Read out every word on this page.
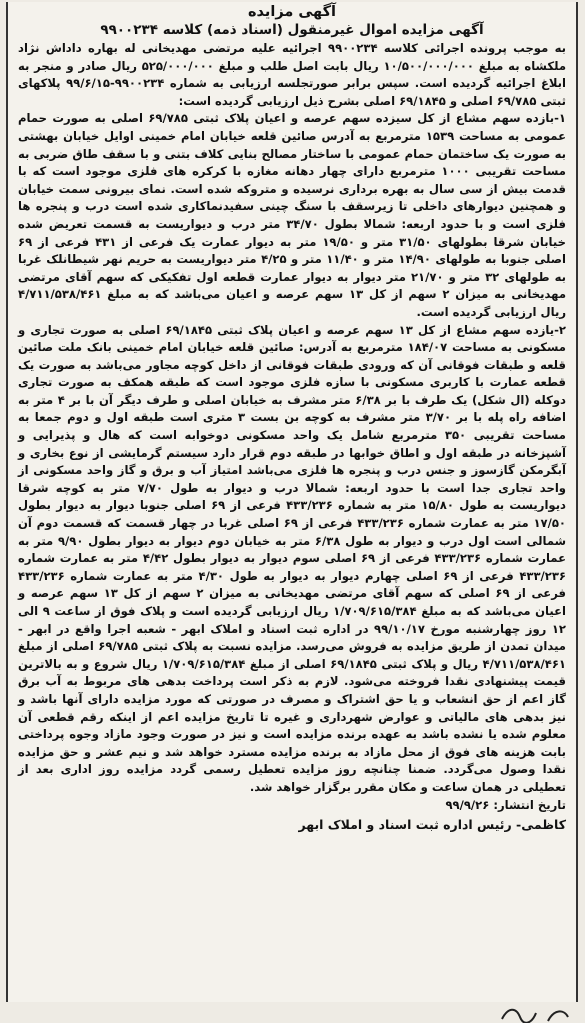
آگهی مزایده
آگهی مزایده اموال غیرمنقول (اسناد ذمه) کلاسه ۹۹۰۰۲۳۴

به موجب پرونده اجرائی کلاسه ۹۹۰۰۲۳۴ اجرائیه علیه مرتضی مهدیخانی له بهاره داداش نژاد ملکشاه به مبلغ ۱۰/۵۰۰/۰۰۰/۰۰۰ ریال بابت اصل طلب و مبلغ ۵۲۵/۰۰۰/۰۰۰ ریال صادر و منجر به ابلاغ اجرائیه گردیده است. سپس برابر صورتجلسه ارزیابی به شماره ۹۹۰۰۲۳۴-۹۹/۶/۱۵ پلاکهای ثبتی ۶۹/۷۸۵ اصلی و ۶۹/۱۸۴۵ اصلی بشرح ذیل ارزیابی گردیده است:

۱-بازده سهم مشاع از کل سیزده سهم عرصه و اعیان پلاک ثبتی ۶۹/۷۸۵ اصلی به صورت حمام عمومی به مساحت ۱۵۳۹ مترمربع به آدرس صائین قلعه خیابان امام خمینی اوایل خیابان بهشتی به صورت یک ساختمان حمام عمومی با ساختار مصالح بنایی کلاف بتنی و با سقف طاق ضربی به مساحت تقریبی ۱۰۰۰ مترمربع دارای چهار دهانه مغازه با کرکره های فلزی موجود است که با قدمت بیش از سی سال به بهره برداری نرسیده و متروکه شده است. نمای بیرونی سمت خیابان و همچنین دیوارهای داخلی تا زیرسقف با سنگ چینی سفیدنماکاری شده است درب و پنجره ها فلزی است و با حدود اربعه: شمالا بطول ۳۴/۷۰ متر درب و دیواریست به قسمت تعریض شده خیابان شرقا بطولهای ۳۱/۵۰ متر و ۱۹/۵۰ متر به دیوار عمارت یک فرعی از ۴۳۱ فرعی از ۶۹ اصلی جنوبا به طولهای ۱۴/۹۰ متر و ۱۱/۴۰ متر و ۴/۲۵ متر دیواریست به حریم نهر شیطانلک غربا به طولهای ۳۲ متر و ۲۱/۷۰ متر دیوار به دیوار عمارت قطعه اول تفکیکی که سهم آقای مرتضی مهدیخانی به میزان ۲ سهم از کل ۱۳ سهم عرصه و اعیان می‌باشد که به مبلغ ۴/۷۱۱/۵۳۸/۴۶۱ ریال ارزیابی گردیده است.

۲-یازده سهم مشاع از کل ۱۳ سهم عرصه و اعیان پلاک ثبتی ۶۹/۱۸۴۵ اصلی به صورت تجاری و مسکونی به مساحت ۱۸۴/۰۷ مترمربع به آدرس: صائین قلعه خیابان امام خمینی بانک ملت صائین قلعه و طبقات فوقانی آن که ورودی طبقات فوقانی از داخل کوچه مجاور می‌باشد به صورت یک قطعه عمارت با کاربری مسکونی با سازه فلزی موجود است که طبقه همکف به صورت تجاری دوکله (ال شکل) یک طرف با بر ۶/۳۸ متر مشرف به خیابان اصلی و طرف دیگر آن با بر ۴ متر به اضافه راه پله با بر ۳/۷۰ متر مشرف به کوچه بن بست ۳ متری است طبقه اول و دوم جمعا به مساحت تقریبی ۳۵۰ مترمربع شامل یک واحد مسکونی دوخوابه است که هال و پذیرایی و آشپزخانه در طبقه اول و اطاق خوابها در طبقه دوم قرار دارد سیستم گرمایشی از نوع بخاری و آبگرمکن گازسوز و جنس درب و پنجره ها فلزی می‌باشد امتیاز آب و برق و گاز واحد مسکونی از واحد تجاری جدا است با حدود اربعه: شمالا درب و دیوار به طول ۷/۷۰ متر به کوچه شرقا دیواریست به طول ۱۵/۸۰ متر به شماره ۴۳۳/۲۳۶ فرعی از ۶۹ اصلی جنوبا دیوار به دیوار بطول ۱۷/۵۰ متر به عمارت شماره ۴۳۳/۲۳۶ فرعی از ۶۹ اصلی غربا در چهار قسمت که قسمت دوم آن شمالی است اول درب و دیوار به طول ۶/۳۸ متر به خیابان دوم دیوار به دیوار بطول ۹/۹۰ متر به عمارت شماره ۴۳۳/۲۳۶ فرعی از ۶۹ اصلی سوم دیوار به دیوار بطول ۴/۴۲ متر به عمارت شماره ۴۳۳/۲۳۶ فرعی از ۶۹ اصلی چهارم دیوار به دیوار به طول ۴/۳۰ متر به عمارت شماره ۴۳۳/۲۳۶ فرعی از ۶۹ اصلی که سهم آقای مرتضی مهدیخانی به میزان ۲ سهم از کل ۱۳ سهم عرصه و اعیان می‌باشد که به مبلغ ۱/۷۰۹/۶۱۵/۳۸۴ ریال ارزیابی گردیده است و پلاک فوق از ساعت ۹ الی ۱۲ روز چهارشنبه مورخ ۹۹/۱۰/۱۷ در اداره ثبت اسناد و املاک ابهر - شعبه اجرا واقع در ابهر - میدان تمدن از طریق مزایده به فروش می‌رسد. مزایده نسبت به پلاک ثبتی ۶۹/۷۸۵ اصلی از مبلغ ۴/۷۱۱/۵۳۸/۴۶۱ ریال و پلاک ثبتی ۶۹/۱۸۴۵ اصلی از مبلغ ۱/۷۰۹/۶۱۵/۳۸۴ ریال شروع و به بالاترین قیمت پیشنهادی نقدا فروخته می‌شود. لازم به ذکر است پرداخت بدهی های مربوط به آب برق گاز اعم از حق انشعاب و یا حق اشتراک و مصرف در صورتی که مورد مزایده دارای آنها باشد و نیز بدهی های مالیاتی و عوارض شهرداری و غیره تا تاریخ مزایده اعم از اینکه رقم قطعی آن معلوم شده یا نشده باشد به عهده برنده مزایده است و نیز در صورت وجود مازاد وجوه پرداختی بابت هزینه های فوق از محل مازاد به برنده مزایده مسترد خواهد شد و نیم عشر و حق مزایده نقدا وصول می‌گردد. ضمنا چنانچه روز مزایده تعطیل رسمی گردد مزایده روز اداری بعد از تعطیلی در همان ساعت و مکان مقرر برگزار خواهد شد.

تاریخ انتشار: ۹۹/۹/۲۶
کاظمی- رئیس اداره ثبت اسناد و املاک ابهر
